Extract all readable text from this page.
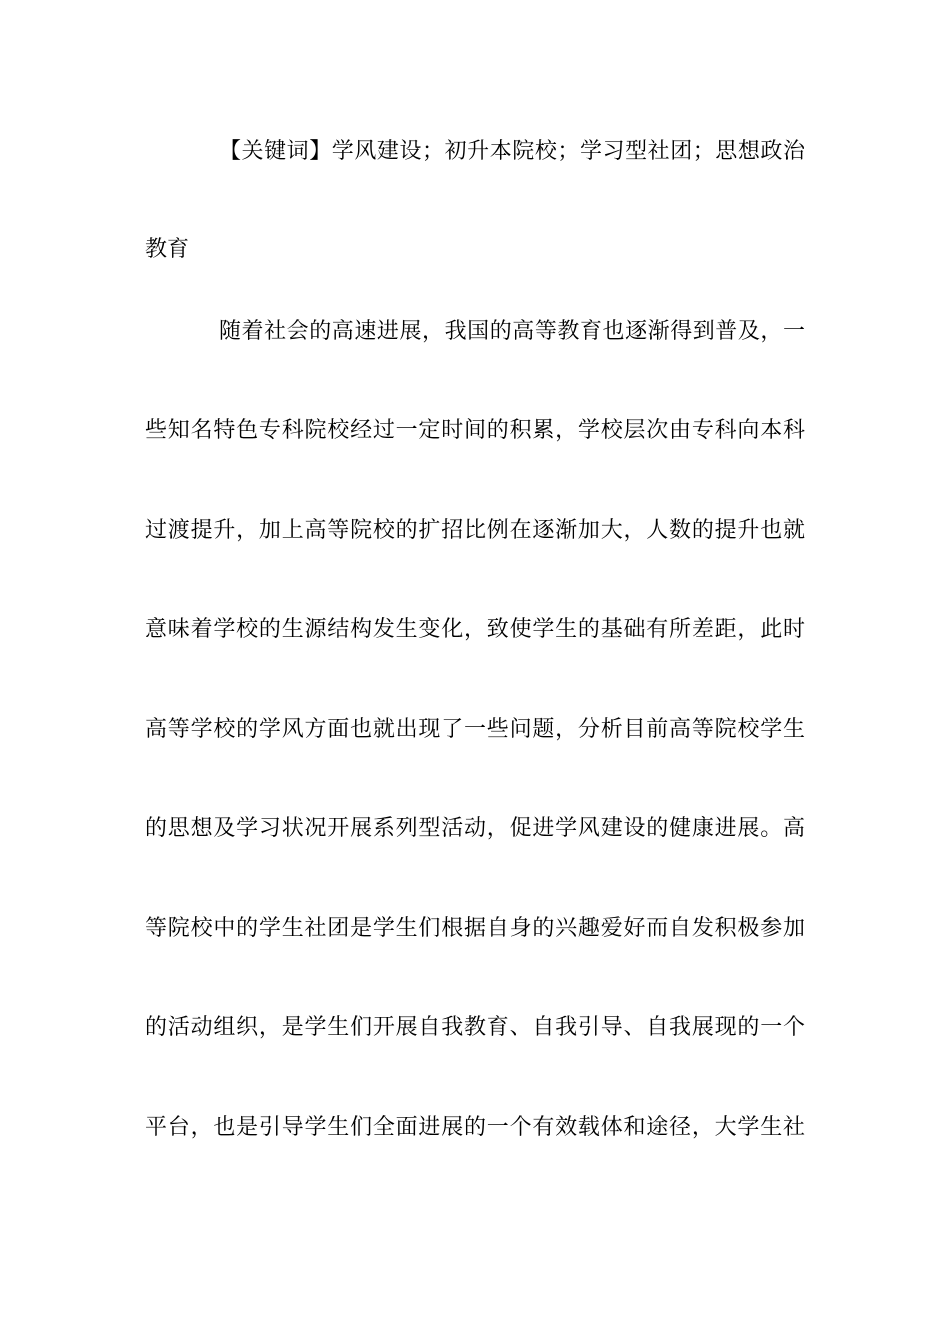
【关键词】学风建设；初升本院校；学习型社团；思想政治
教育
随着社会的高速进展，我国的高等教育也逐渐得到普及，一
些知名特色专科院校经过一定时间的积累，学校层次由专科向本科
过渡提升，加上高等院校的扩招比例在逐渐加大，人数的提升也就
意味着学校的生源结构发生变化，致使学生的基础有所差距，此时
高等学校的学风方面也就出现了一些问题，分析目前高等院校学生
的思想及学习状况开展系列型活动，促进学风建设的健康进展。高
等院校中的学生社团是学生们根据自身的兴趣爱好而自发积极参加
的活动组织，是学生们开展自我教育、自我引导、自我展现的一个
平台，也是引导学生们全面进展的一个有效载体和途径，大学生社
